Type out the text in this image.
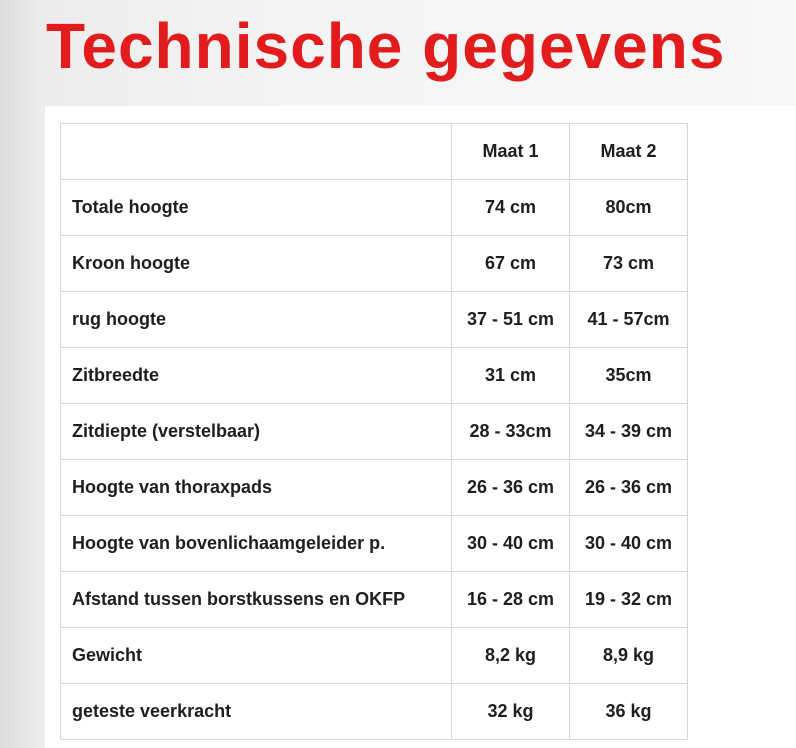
Technische gegevens
	Maat 1	Maat 2
Totale hoogte	74 cm	80cm
Kroon hoogte	67 cm	73 cm
rug hoogte	37 - 51 cm	41 - 57cm
Zitbreedte	31 cm	35cm
Zitdiepte (verstelbaar)	28 - 33cm	34 - 39 cm
Hoogte van thoraxpads	26 - 36 cm	26 - 36 cm
Hoogte van bovenlichaamgeleider p.	30 - 40 cm	30 - 40 cm
Afstand tussen borstkussens en OKFP	16 - 28 cm	19 - 32 cm
Gewicht	8,2 kg	8,9 kg
geteste veerkracht	32 kg	36 kg
